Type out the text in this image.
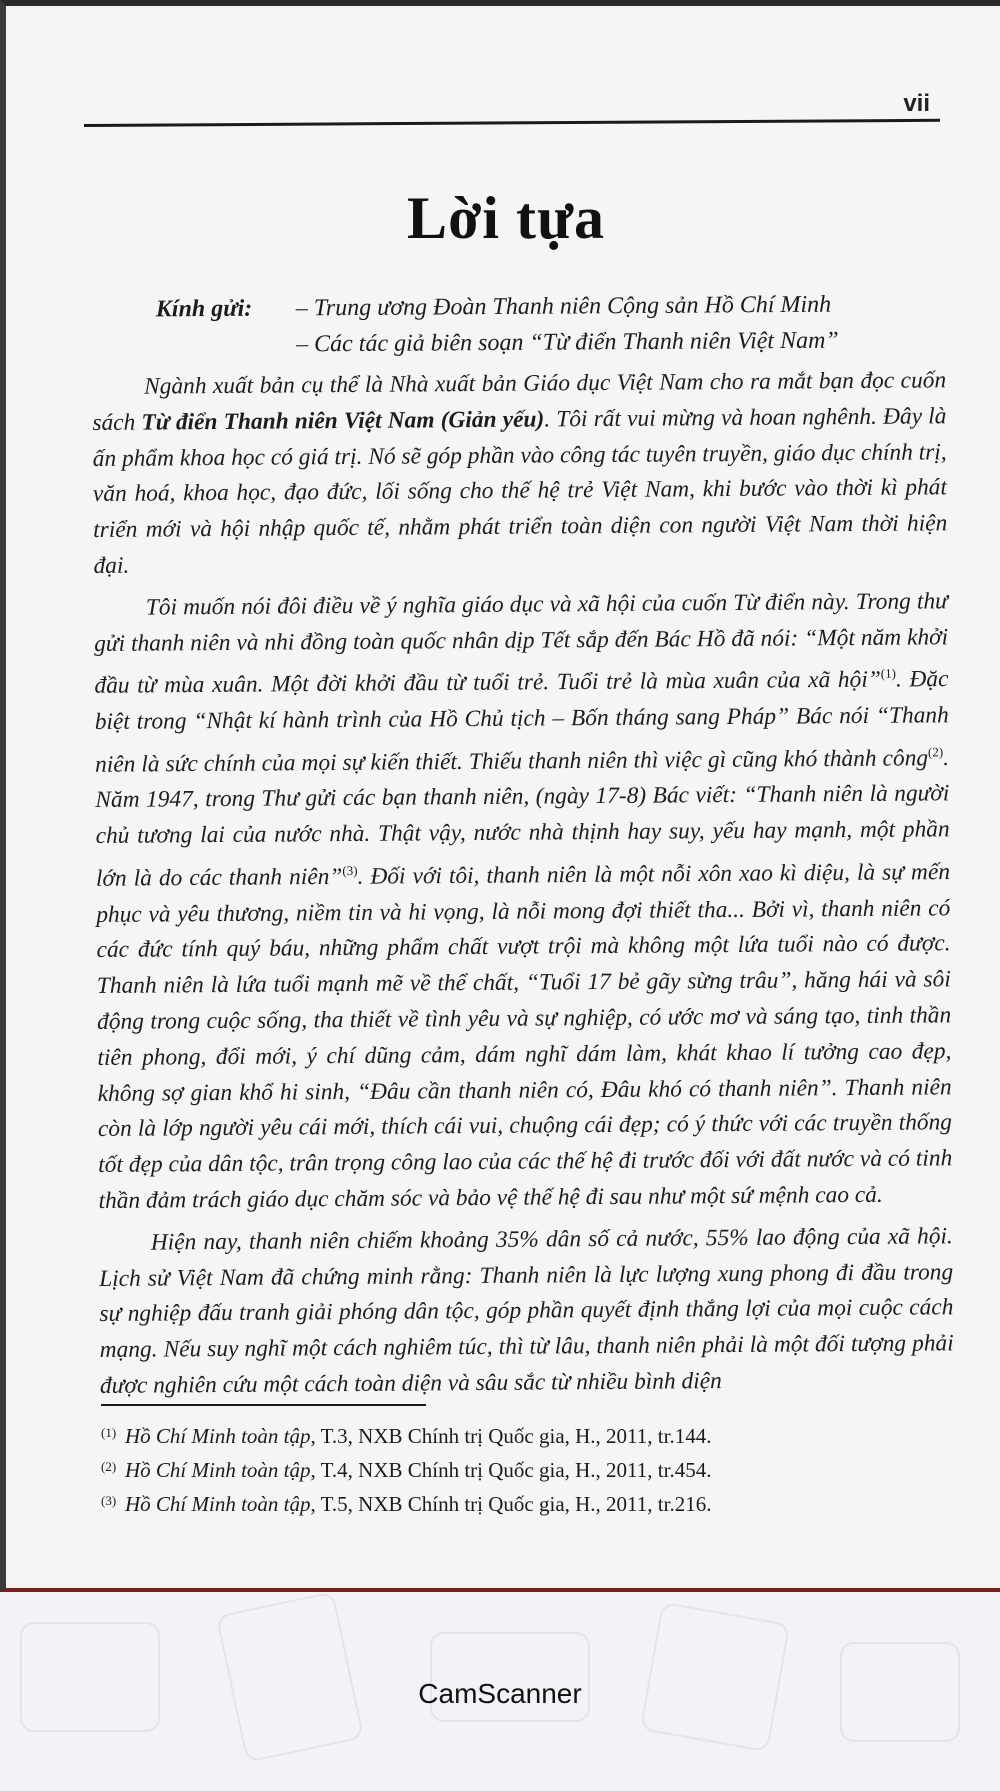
vii
Lời tựa
Kính gửi: – Trung ương Đoàn Thanh niên Cộng sản Hồ Chí Minh
– Các tác giả biên soạn “Từ điển Thanh niên Việt Nam”

Ngành xuất bản cụ thể là Nhà xuất bản Giáo dục Việt Nam cho ra mắt bạn đọc cuốn sách Từ điển Thanh niên Việt Nam (Giản yếu). Tôi rất vui mừng và hoan nghênh. Đây là ấn phẩm khoa học có giá trị. Nó sẽ góp phần vào công tác tuyên truyền, giáo dục chính trị, văn hoá, khoa học, đạo đức, lối sống cho thế hệ trẻ Việt Nam, khi bước vào thời kì phát triển mới và hội nhập quốc tế, nhằm phát triển toàn diện con người Việt Nam thời hiện đại.

Tôi muốn nói đôi điều về ý nghĩa giáo dục và xã hội của cuốn Từ điển này. Trong thư gửi thanh niên và nhi đồng toàn quốc nhân dịp Tết sắp đến Bác Hồ đã nói: “Một năm khởi đầu từ mùa xuân. Một đời khởi đầu từ tuổi trẻ. Tuổi trẻ là mùa xuân của xã hội”$^{(1)}$. Đặc biệt trong “Nhật kí hành trình của Hồ Chủ tịch – Bốn tháng sang Pháp” Bác nói “Thanh niên là sức chính của mọi sự kiến thiết. Thiếu thanh niên thì việc gì cũng khó thành công$^{(2)}$. Năm 1947, trong Thư gửi các bạn thanh niên, (ngày 17-8) Bác viết: “Thanh niên là người chủ tương lai của nước nhà. Thật vậy, nước nhà thịnh hay suy, yếu hay mạnh, một phần lớn là do các thanh niên”$^{(3)}$. Đối với tôi, thanh niên là một nỗi xôn xao kì diệu, là sự mến phục và yêu thương, niềm tin và hi vọng, là nỗi mong đợi thiết tha... Bởi vì, thanh niên có các đức tính quý báu, những phẩm chất vượt trội mà không một lứa tuổi nào có được. Thanh niên là lứa tuổi mạnh mẽ về thể chất, “Tuổi 17 bẻ gãy sừng trâu”, hăng hái và sôi động trong cuộc sống, tha thiết về tình yêu và sự nghiệp, có ước mơ và sáng tạo, tinh thần tiên phong, đổi mới, ý chí dũng cảm, dám nghĩ dám làm, khát khao lí tưởng cao đẹp, không sợ gian khổ hi sinh, “Đâu cần thanh niên có, Đâu khó có thanh niên”. Thanh niên còn là lớp người yêu cái mới, thích cái vui, chuộng cái đẹp; có ý thức với các truyền thống tốt đẹp của dân tộc, trân trọng công lao của các thế hệ đi trước đối với đất nước và có tinh thần đảm trách giáo dục chăm sóc và bảo vệ thế hệ đi sau như một sứ mệnh cao cả.

Hiện nay, thanh niên chiếm khoảng 35% dân số cả nước, 55% lao động của xã hội. Lịch sử Việt Nam đã chứng minh rằng: Thanh niên là lực lượng xung phong đi đầu trong sự nghiệp đấu tranh giải phóng dân tộc, góp phần quyết định thắng lợi của mọi cuộc cách mạng. Nếu suy nghĩ một cách nghiêm túc, thì từ lâu, thanh niên phải là một đối tượng phải được nghiên cứu một cách toàn diện và sâu sắc từ nhiều bình diện

(1) Hồ Chí Minh toàn tập, T.3, NXB Chính trị Quốc gia, H., 2011, tr.144.
(2) Hồ Chí Minh toàn tập, T.4, NXB Chính trị Quốc gia, H., 2011, tr.454.
(3) Hồ Chí Minh toàn tập, T.5, NXB Chính trị Quốc gia, H., 2011, tr.216.
CamScanner
